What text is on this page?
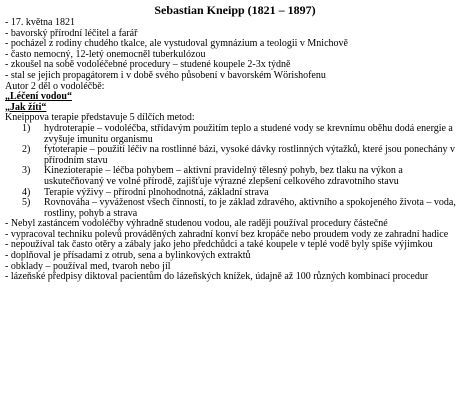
Sebastian Kneipp (1821 – 1897)
- 17. května 1821
- bavorský přírodní léčitel a farář
- pocházel z rodiny chudého tkalce, ale vystudoval gymnázium a teologii v Mnichově
- často nemocný, 12-letý onemocněl tuberkulózou
- zkoušel na sobě vodoléčebné procedury – studené koupele 2-3x týdně
- stal se jejich propagátorem i v době svého působení v bavorském Wörishofenu
Autor 2 děl o vodoléčbě:
„Léčení vodou“
„Jak žíti“
Kneippova terapie představuje 5 dílčích metod:
1) hydroterapie – vodoléčba, střídavým použitím teplo a studené vody se krevnímu oběhu dodá energie a zvyšuje imunitu organismu
2) fytoterapie – použití léčiv na rostlinné bázi, vysoké dávky rostlinných výtažků, které jsou ponechány v přírodním stavu
3) Kinezioterapie – léčba pohybem – aktivní pravidelný tělesný pohyb, bez tlaku na výkon a uskutečňovaný ve volné přírodě, zajišťuje výrazné zlepšení celkového zdravotního stavu
4) Terapie výživy – přírodní plnohodnotná, základní strava
5) Rovnováha – vyváženost všech činností, to je základ zdravého, aktivního a spokojeného života – voda, rostliny, pohyb a strava
- Nebyl zastáncem vodoléčby výhradně studenou vodou, ale raději používal procedury částečné
- vypracoval techniku polevů prováděných zahradní konví bez kropáče nebo proudem vody ze zahradní hadice
- nepoužíval tak často otěry a zábaly jako jeho předchůdci a také koupele v teplé vodě byly spíše výjimkou
- doplňoval je přísadami z otrub, sena a bylinkových extraktů
- obklady – používal med, tvaroh nebo jíl
- lázeňské předpisy diktoval pacientům do lázeňských knížek, údajně až 100 různých kombinací procedur
